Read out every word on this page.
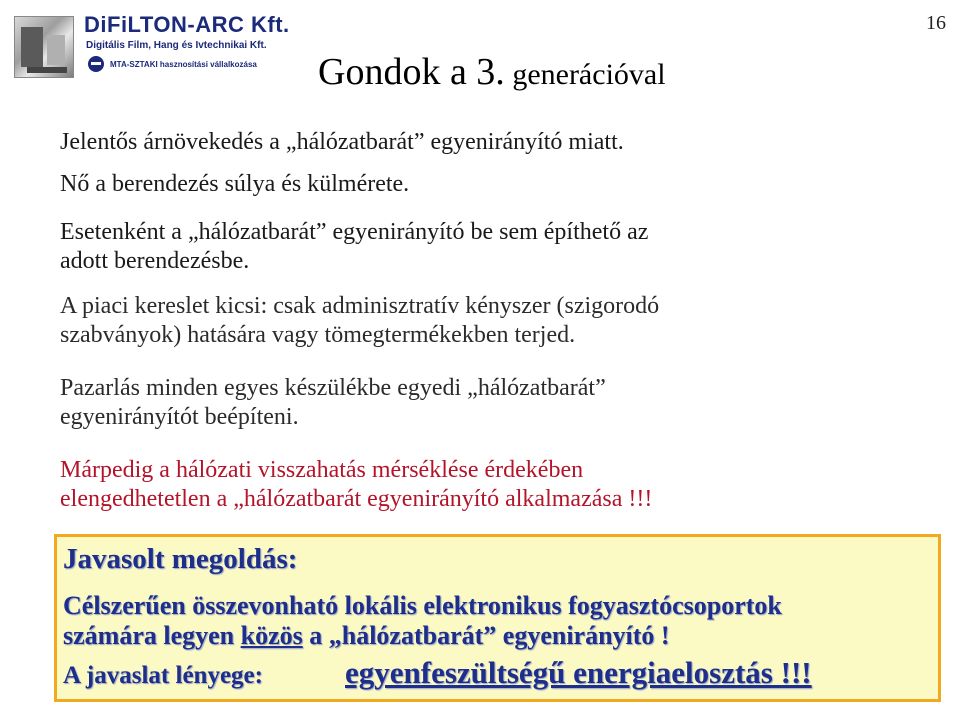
16
DiFiLTON-ARC Kft.
Digitális Film, Hang és Ivtechnikai Kft.
MTA-SZTAKI hasznosítási vállalkozása Gondok a 3. generációval
Jelentős árnövekedés a „hálózatbarát” egyenirányító miatt.
Nő a berendezés súlya és külmérete.
Esetenként a „hálózatbarát” egyenirányító be sem építhető az
adott berendezésbe.
A piaci kereslet kicsi: csak adminisztratív kényszer (szigorodó
szabványok) hatására vagy tömegtermékekben terjed.
Pazarlás minden egyes készülékbe egyedi „hálózatbarát”
egyenirányítót beépíteni.
Márpedig a hálózati visszahatás mérséklése érdekében
elengedhetetlen a „hálózatbarát egyenirányító alkalmazása !!!
Javasolt megoldás:
Célszerűen összevonható lokális elektronikus fogyasztócsoportok
számára legyen közös a „hálózatbarát” egyenirányító !
A javaslat lényege:	egyenfeszültségű energiaelosztás !!!
